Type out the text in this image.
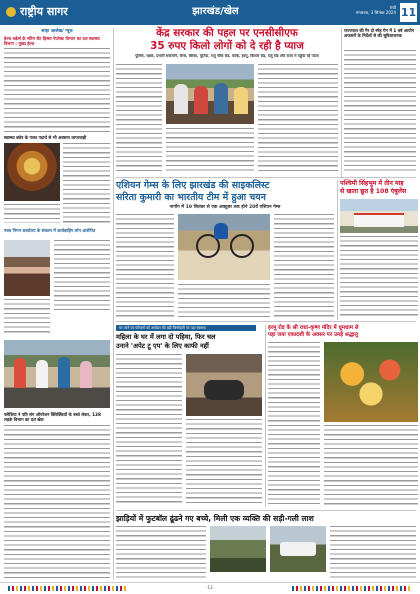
राष्ट्रीय सागर	झारखंड/खेल	रांची
मंगलवार, 3 सितंबर 2024 11
साहा आलेख/ न्यूज़
हेल्थ वर्कर्स के सोरेन सेंट हिस्सा ऐप्लेक्ट विभाग का दल स्वास्थ्य विभाग : मुख्य हेल्थ
स्वास्थ्य वर्कर के गलत पदार्थ से भी अवसान लापरवाही
नवध निगम कार्यालय के संकल्प में कार्यवाहिंग लोग आरोपित
फ्लैशिया ने पति संग ऑपरेशन क्लिक्कियों के बच्चे लेकर, 138 लड़के विभाग का दल खेल
केंद्र सरकार की पहल पर एनसीसीएफ
35 रुपए किलो लोगों को दे रही है प्याज
पुलिस, रक्षक, प्रभारी सरोजनि, रिम्स, बिरसा, चुटिया, रातू चौक रोड, कांके, हरमू, किशोर रोड, रातू रोड और राजा में पहुंचा रहे प्याज
राज्यपाल की गैर दो स्नेह गेम में 1 वर्ष आयोग अफसरों के निर्देशों से की सुविधाजनक
एशियन गेम्स के लिए झारखंड की साइकलिस्ट
सरिता कुमारी का भारतीय टीम में हुआ चयन
नागोंग में 19 सितंबर से एक अक्टूबर तक होने 20वें एशियन गेम्स
पश्चिमी सिंहभूम में तीन माह
से खाता छूत है 108 एंबुलेंस
मर जाने पर परिजनों को आवेदन की बड़ी जिम्मेदारी पर पड़ा स्वास्थ्य
महिला के घर में लगा दो पहिया, फिर चल
उनाने 'अपेट टू एप' के लिए काफी नहीं
हरमू रोड के श्री राधा-कृष्ण मंदिर में धूमधाम से
पड़ा जया एकादशी के अवसर पर उमड़े श्रद्धालु
झाड़ियों में फुटबॉल ढूंढने गए बच्चे, मिली एक व्यक्ति की सड़ी-गली लाश
-11-
